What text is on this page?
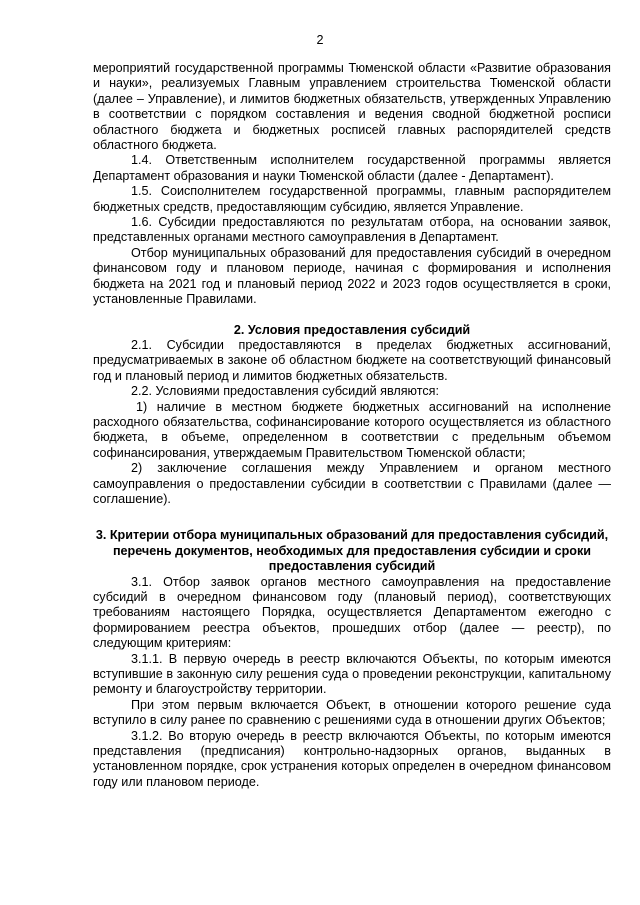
2

мероприятий государственной программы Тюменской области «Развитие образования и науки», реализуемых Главным управлением строительства Тюменской области (далее – Управление), и лимитов бюджетных обязательств, утвержденных Управлению в соответствии с порядком составления и ведения сводной бюджетной росписи областного бюджета и бюджетных росписей главных распорядителей средств областного бюджета.

1.4. Ответственным исполнителем государственной программы является Департамент образования и науки Тюменской области (далее - Департамент).

1.5. Соисполнителем государственной программы, главным распорядителем бюджетных средств, предоставляющим субсидию, является Управление.

1.6. Субсидии предоставляются по результатам отбора, на основании заявок, представленных органами местного самоуправления в Департамент.

Отбор муниципальных образований для предоставления субсидий в очередном финансовом году и плановом периоде, начиная с формирования и исполнения бюджета на 2021 год и плановый период 2022 и 2023 годов осуществляется в сроки, установленные Правилами.

2. Условия предоставления субсидий

2.1. Субсидии предоставляются в пределах бюджетных ассигнований, предусматриваемых в законе об областном бюджете на соответствующий финансовый год и плановый период и лимитов бюджетных обязательств.

2.2. Условиями предоставления субсидий являются:

1) наличие в местном бюджете бюджетных ассигнований на исполнение расходного обязательства, софинансирование которого осуществляется из областного бюджета, в объеме, определенном в соответствии с предельным объемом софинансирования, утверждаемым Правительством Тюменской области;

2) заключение соглашения между Управлением и органом местного самоуправления о предоставлении субсидии в соответствии с Правилами (далее — соглашение).

3. Критерии отбора муниципальных образований для предоставления субсидий, перечень документов, необходимых для предоставления субсидии и сроки предоставления субсидий

3.1. Отбор заявок органов местного самоуправления на предоставление субсидий в очередном финансовом году (плановый период), соответствующих требованиям настоящего Порядка, осуществляется Департаментом ежегодно с формированием реестра объектов, прошедших отбор (далее — реестр), по следующим критериям:

3.1.1. В первую очередь в реестр включаются Объекты, по которым имеются вступившие в законную силу решения суда о проведении реконструкции, капитальному ремонту и благоустройству территории.

При этом первым включается Объект, в отношении которого решение суда вступило в силу ранее по сравнению с решениями суда в отношении других Объектов;

3.1.2. Во вторую очередь в реестр включаются Объекты, по которым имеются представления (предписания) контрольно-надзорных органов, выданных в установленном порядке, срок устранения которых определен в очередном финансовом году или плановом периоде.
